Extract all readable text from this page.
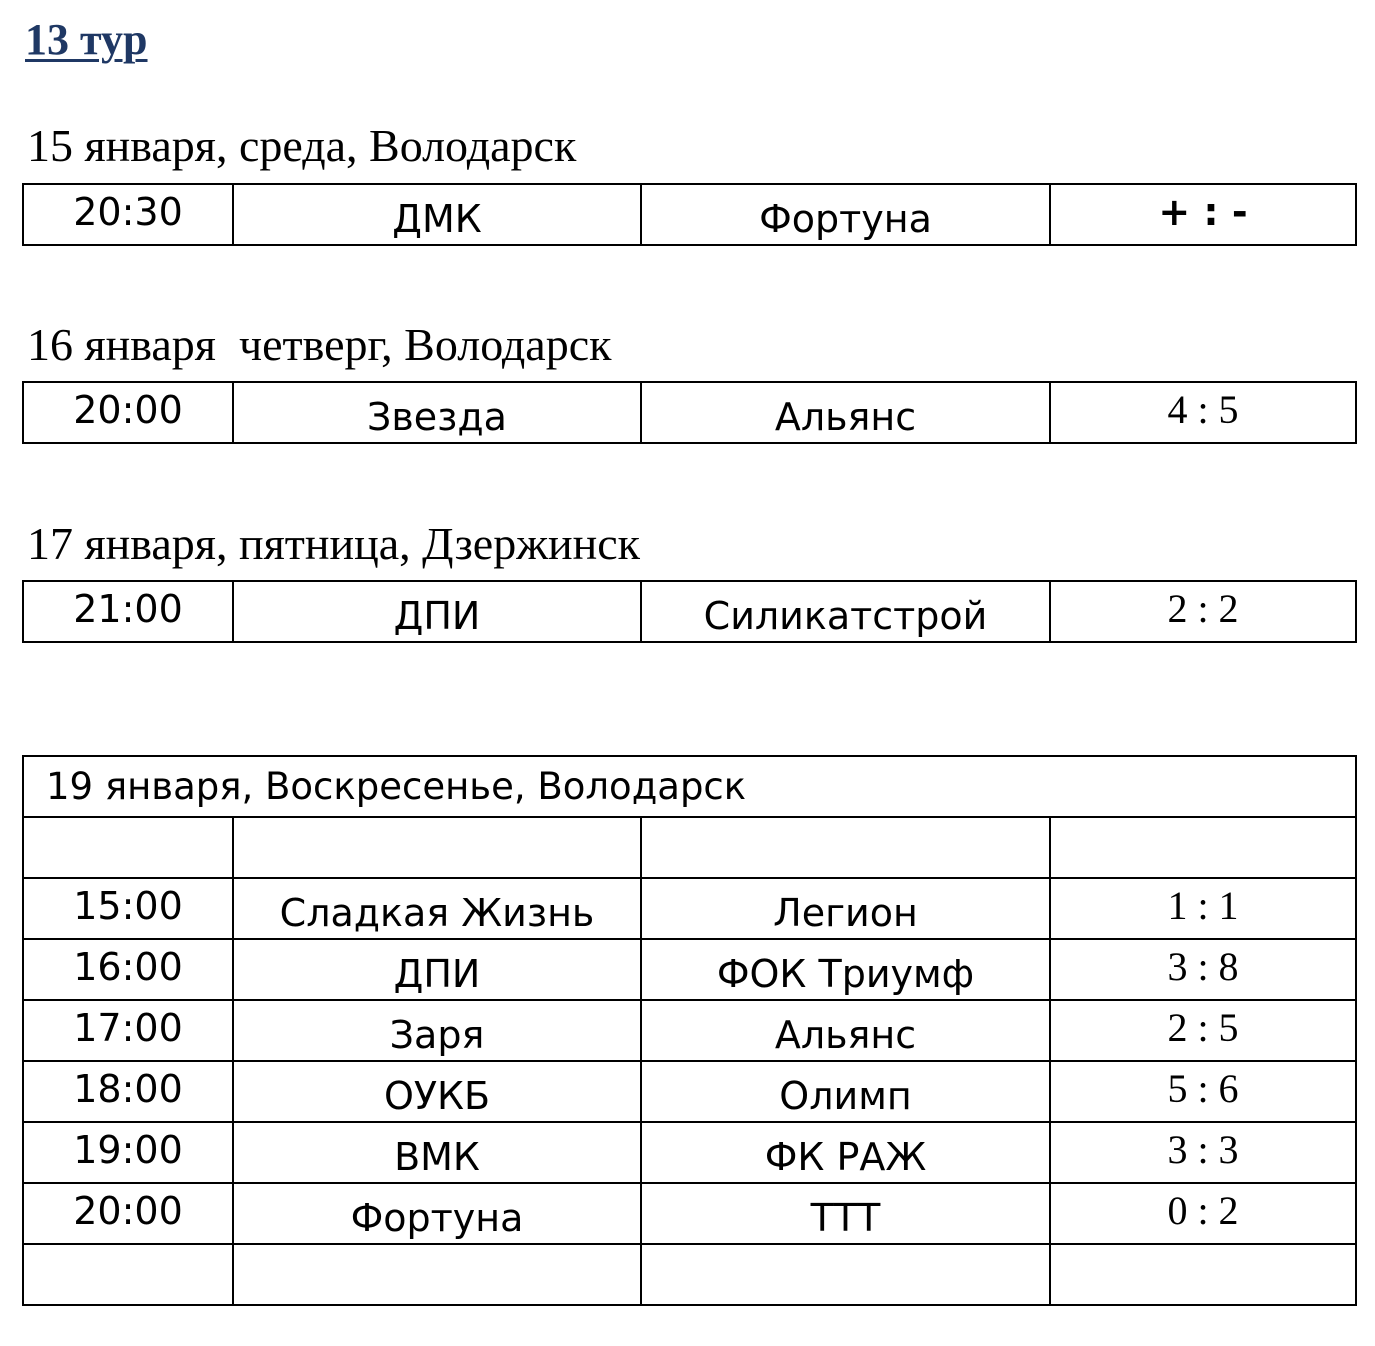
13 тур
15 января, среда, Володарск
20:30	ДМК	Фортуна	+ : -
16 января  четверг, Володарск
20:00	Звезда	Альянс	4 : 5
17 января, пятница, Дзержинск
21:00	ДПИ	Силикатстрой	2 : 2
19 января, Воскресенье, Володарск			

15:00	Сладкая Жизнь	Легион	1 : 1
16:00	ДПИ	ФОК Триумф	3 : 8
17:00	Заря	Альянс	2 : 5
18:00	ОУКБ	Олимп	5 : 6
19:00	ВМК	ФК РАЖ	3 : 3
20:00	Фортуна	ТТТ	0 : 2
